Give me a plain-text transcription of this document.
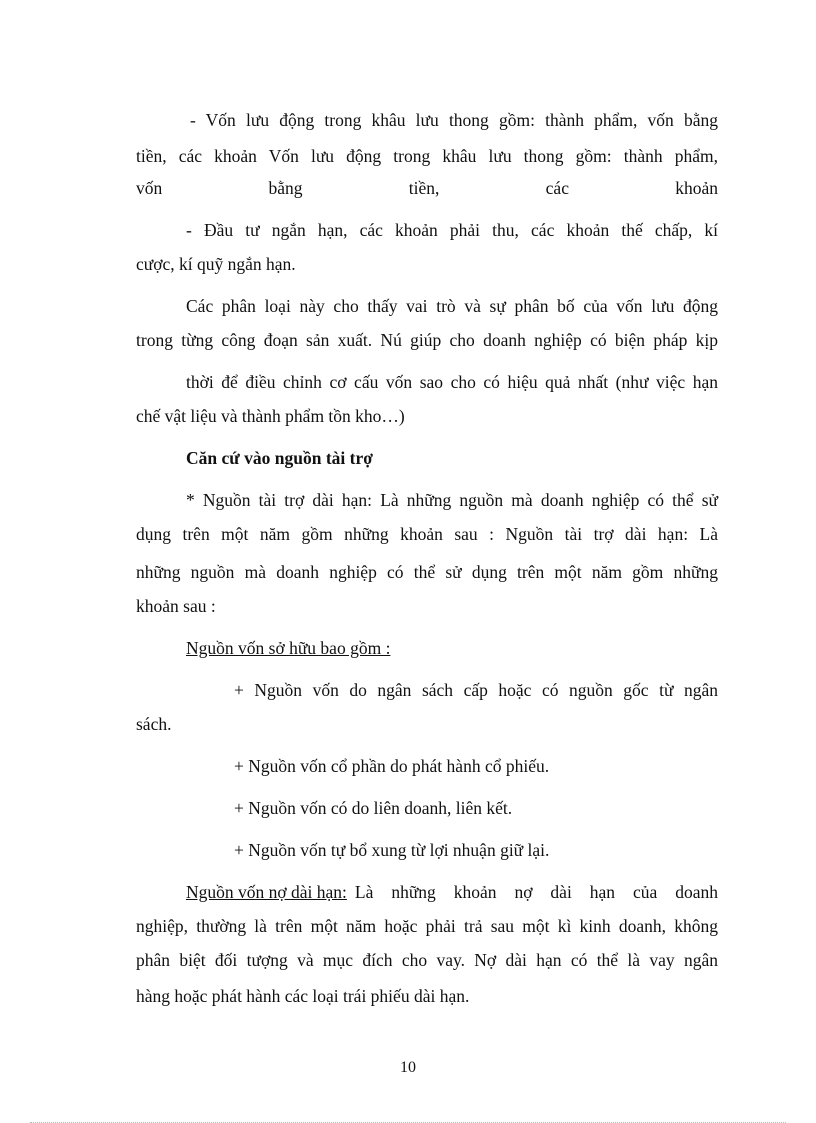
- Vốn lưu động trong khâu lưu thong gồm: thành phẩm, vốn bằng
tiền, các khoản Vốn lưu động trong khâu lưu thong gồm: thành phẩm,
vốn	bằng	tiền,	các	khoản
- Đầu tư ngắn hạn, các khoản phải thu, các khoản thế chấp, kí
cược, kí quỹ ngắn hạn.
Các phân loại này cho thấy vai trò và sự phân bố của vốn lưu động
trong từng công đoạn sản xuất. Nú giúp cho doanh nghiệp có biện pháp kịp
thời để điều chỉnh cơ cấu vốn sao cho có hiệu quả nhất (như việc hạn
chế vật liệu và thành phẩm tồn kho…)
Căn cứ vào nguồn tài trợ
* Nguồn tài trợ dài hạn: Là những nguồn mà doanh nghiệp có thể sử
dụng trên một năm gồm những khoản sau : Nguồn tài trợ dài hạn: Là
những nguồn mà doanh nghiệp có thể sử dụng trên một năm gồm những
khoản sau :
Nguồn vốn sở hữu bao gồm :
+ Nguồn vốn do ngân sách cấp hoặc có nguồn gốc từ ngân
sách.
+ Nguồn vốn cổ phần do phát hành cổ phiếu.
+ Nguồn vốn có do liên doanh, liên kết.
+ Nguồn vốn tự bổ xung từ lợi nhuận giữ lại.
Nguồn vốn nợ dài hạn: Là những khoản nợ dài hạn của doanh
nghiệp, thường là trên một năm hoặc phải trả sau một kì kinh doanh, không
phân biệt đối tượng và mục đích cho vay. Nợ dài hạn có thể là vay ngân
hàng hoặc phát hành các loại trái phiếu dài hạn.
10
